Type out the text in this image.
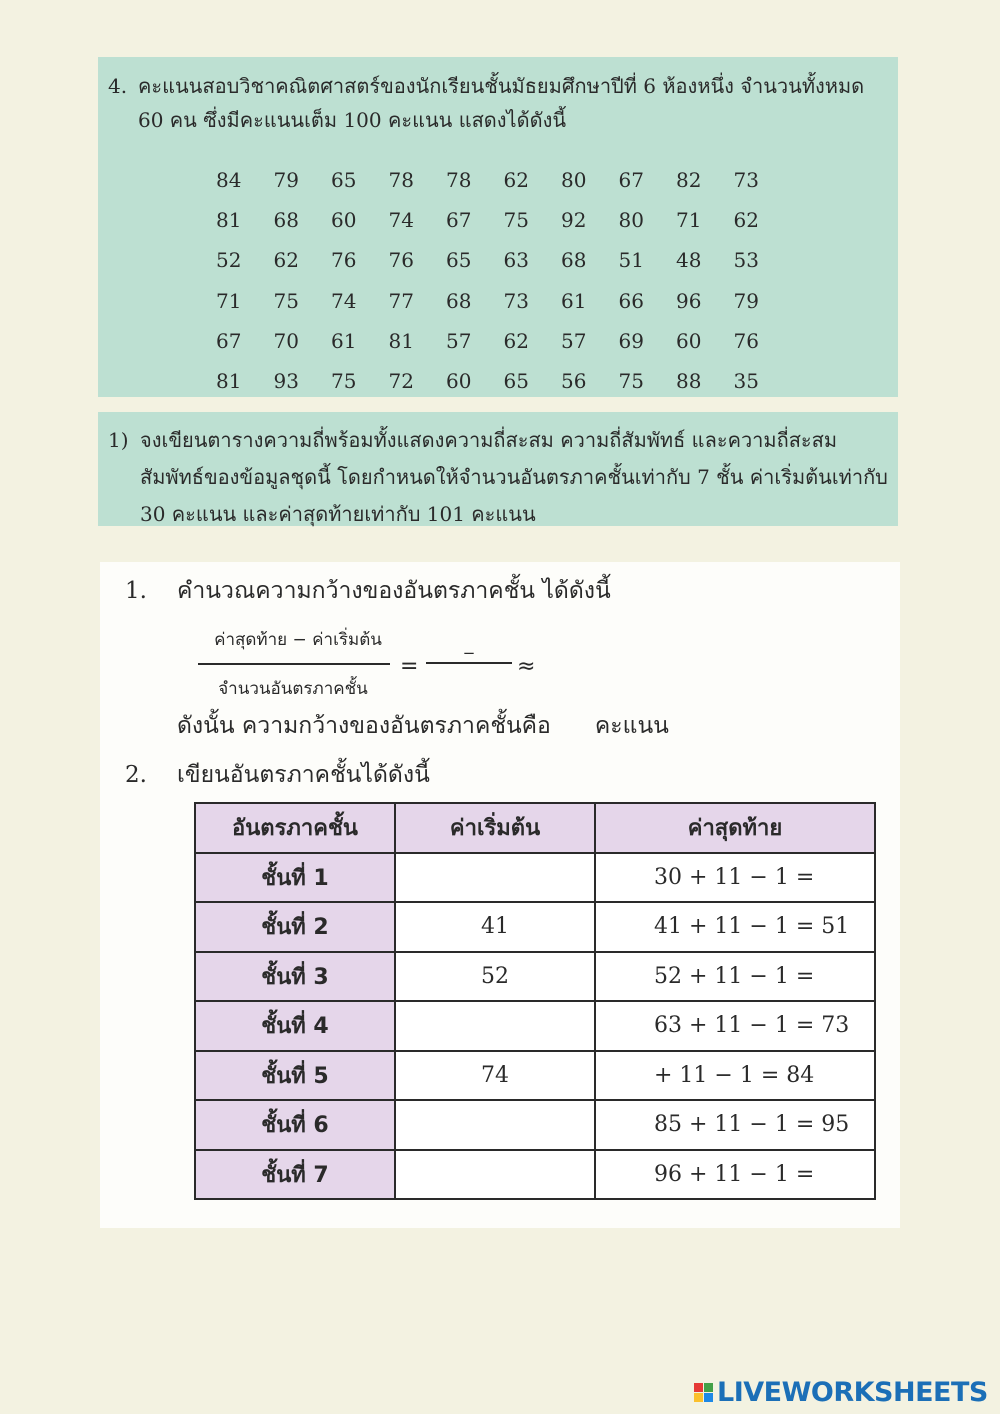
4. คะแนนสอบวิชาคณิตศาสตร์ของนักเรียนชั้นมัธยมศึกษาปีที่ 6 ห้องหนึ่ง จำนวนทั้งหมด
60 คน ซึ่งมีคะแนนเต็ม 100 คะแนน แสดงได้ดังนี้

84	79	65	78	78	62	80	67	82	73
81	68	60	74	67	75	92	80	71	62
52	62	76	76	65	63	68	51	48	53
71	75	74	77	68	73	61	66	96	79
67	70	61	81	57	62	57	69	60	76
81	93	75	72	60	65	56	75	88	35

1) จงเขียนตารางความถี่พร้อมทั้งแสดงความถี่สะสม ความถี่สัมพัทธ์ และความถี่สะสม
สัมพัทธ์ของข้อมูลชุดนี้ โดยกำหนดให้จำนวนอันตรภาคชั้นเท่ากับ 7 ชั้น ค่าเริ่มต้นเท่ากับ
30 คะแนน และค่าสุดท้ายเท่ากับ 101 คะแนน

1. คำนวณความกว้างของอันตรภาคชั้น ได้ดังนี้
ค่าสุดท้าย − ค่าเริ่มต้น
จำนวนอันตรภาคชั้น
=
_
≈
ดังนั้น ความกว้างของอันตรภาคชั้นคือ คะแนน
2. เขียนอันตรภาคชั้นได้ดังนี้
อันตรภาคชั้น	ค่าเริ่มต้น	ค่าสุดท้าย
ชั้นที่ 1		30 + 11 − 1 =
ชั้นที่ 2	41	41 + 11 − 1 = 51
ชั้นที่ 3	52	52 + 11 − 1 =
ชั้นที่ 4		63 + 11 − 1 = 73
ชั้นที่ 5	74	+ 11 − 1 = 84
ชั้นที่ 6		85 + 11 − 1 = 95
ชั้นที่ 7		96 + 11 − 1 =
LIVEWORKSHEETS
